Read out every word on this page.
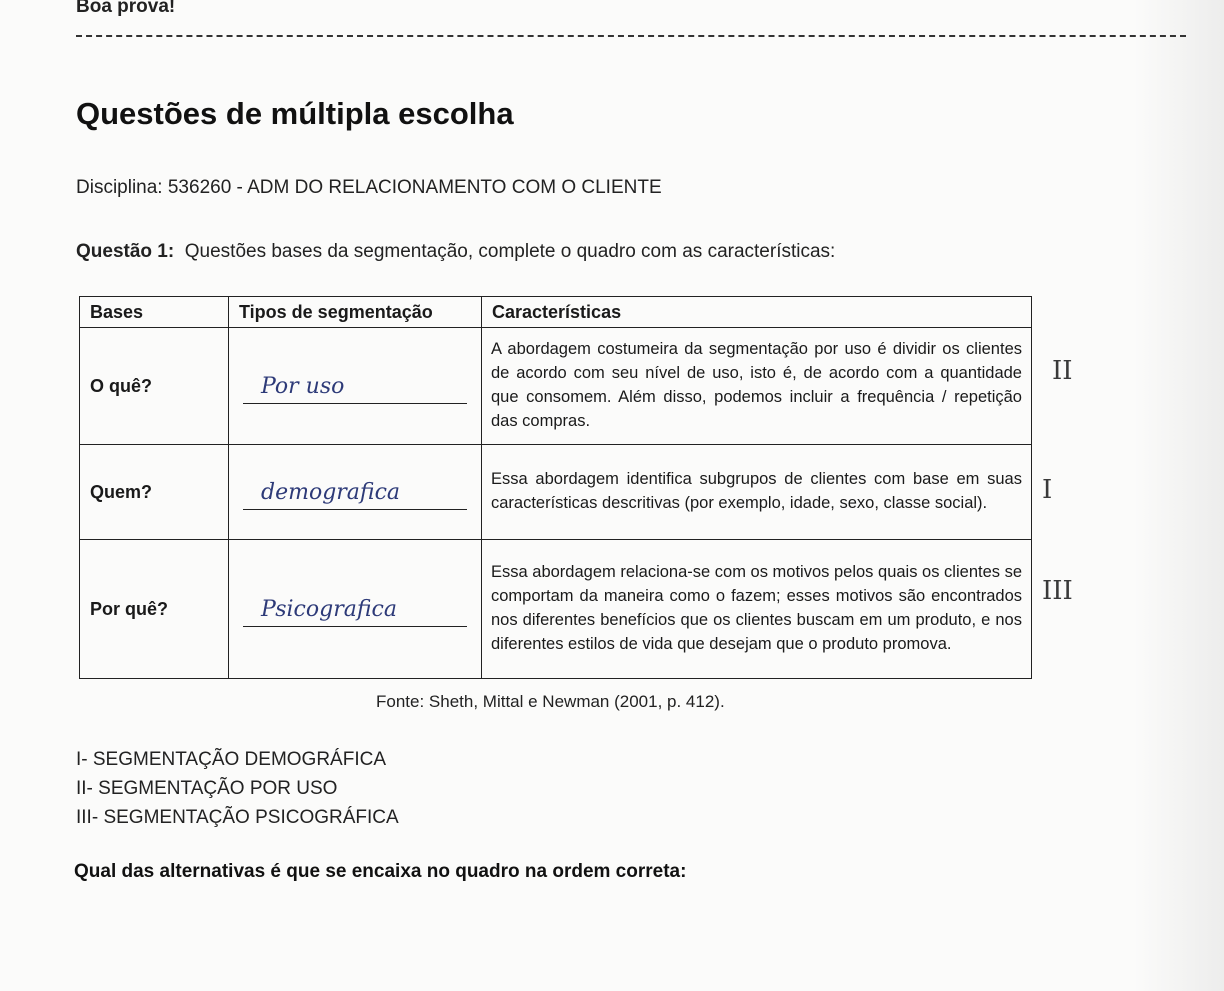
Boa prova!
Questões de múltipla escolha
Disciplina: 536260 - ADM DO RELACIONAMENTO COM O CLIENTE
Questão 1: Questões bases da segmentação, complete o quadro com as características:
Bases	Tipos de segmentação	Características
O quê?	Por uso	A abordagem costumeira da segmentação por uso é dividir os clientes de acordo com seu nível de uso, isto é, de acordo com a quantidade que consomem. Além disso, podemos incluir a frequência / repetição das compras.
Quem?	demografica	Essa abordagem identifica subgrupos de clientes com base em suas características descritivas (por exemplo, idade, sexo, classe social).
Por quê?	Psicografica	Essa abordagem relaciona-se com os motivos pelos quais os clientes se comportam da maneira como o fazem; esses motivos são encontrados nos diferentes benefícios que os clientes buscam em um produto, e nos diferentes estilos de vida que desejam que o produto promova.
II
I
III
Fonte: Sheth, Mittal e Newman (2001, p. 412).
I- SEGMENTAÇÃO DEMOGRÁFICA
II- SEGMENTAÇÃO POR USO
III- SEGMENTAÇÃO PSICOGRÁFICA
Qual das alternativas é que se encaixa no quadro na ordem correta:
